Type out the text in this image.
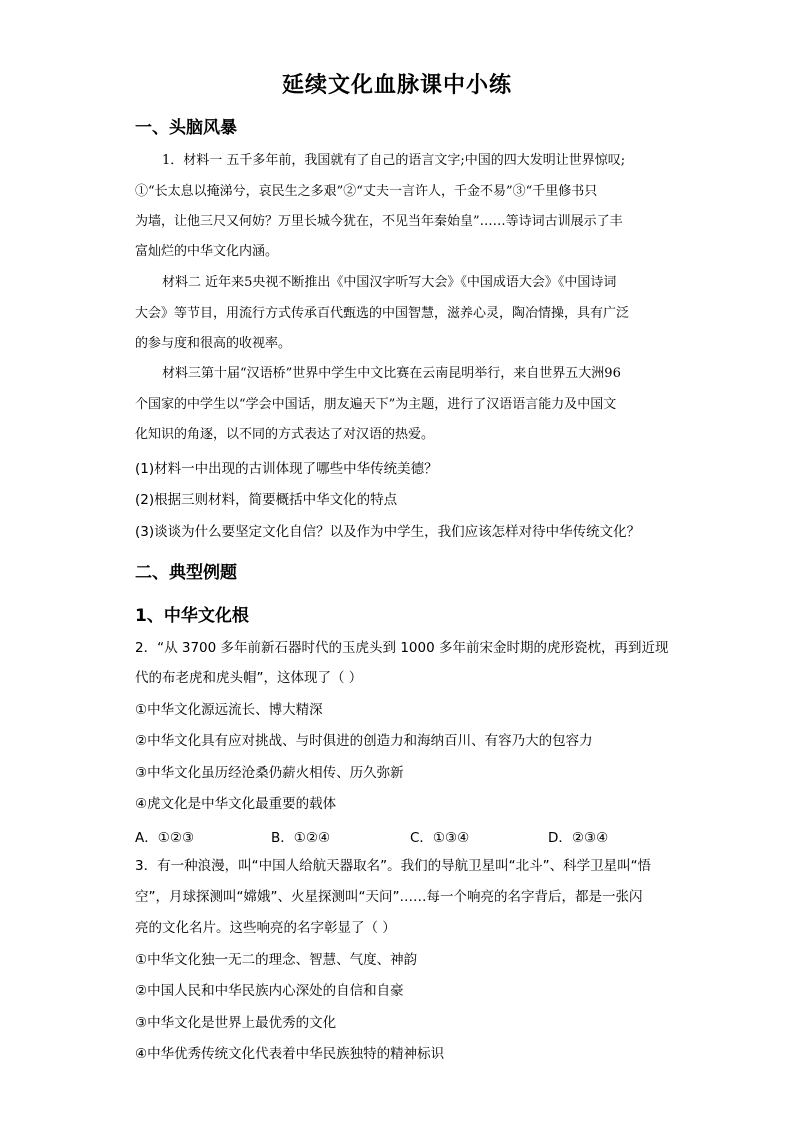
延续文化血脉课中小练
一、头脑风暴
1．材料一 五千多年前，我国就有了自己的语言文字;中国的四大发明让世界惊叹;
①“长太息以掩涕兮，哀民生之多艰”②“丈夫一言许人，千金不易”③“千里修书只
为墙，让他三尺又何妨？万里长城今犹在，不见当年秦始皇”……等诗词古训展示了丰
富灿烂的中华文化内涵。
材料二 近年来5央视不断推出《中国汉字听写大会》《中国成语大会》《中国诗词
大会》等节目，用流行方式传承百代甄选的中国智慧，滋养心灵，陶冶情操，具有广泛
的参与度和很高的收视率。
材料三第十届“汉语桥”世界中学生中文比赛在云南昆明举行，来自世界五大洲96
个国家的中学生以“学会中国话，朋友遍天下”为主题，进行了汉语语言能力及中国文
化知识的角逐，以不同的方式表达了对汉语的热爱。
(1)材料一中出现的古训体现了哪些中华传统美德？
(2)根据三则材料，简要概括中华文化的特点
(3)谈谈为什么要坚定文化自信？以及作为中学生，我们应该怎样对待中华传统文化？
二、典型例题
1、中华文化根
2．“从 3700 多年前新石器时代的玉虎头到 1000 多年前宋金时期的虎形瓷枕，再到近现
代的布老虎和虎头帽”，这体现了（ ）
①中华文化源远流长、博大精深
②中华文化具有应对挑战、与时俱进的创造力和海纳百川、有容乃大的包容力
③中华文化虽历经沧桑仍薪火相传、历久弥新
④虎文化是中华文化最重要的载体
A．①②③	B．①②④	C．①③④	D．②③④
3．有一种浪漫，叫“中国人给航天器取名”。我们的导航卫星叫“北斗”、科学卫星叫“悟
空”，月球探测叫“嫦娥”、火星探测叫“天问”……每一个响亮的名字背后，都是一张闪
亮的文化名片。这些响亮的名字彰显了（ ）
①中华文化独一无二的理念、智慧、气度、神韵
②中国人民和中华民族内心深处的自信和自豪
③中华文化是世界上最优秀的文化
④中华优秀传统文化代表着中华民族独特的精神标识
